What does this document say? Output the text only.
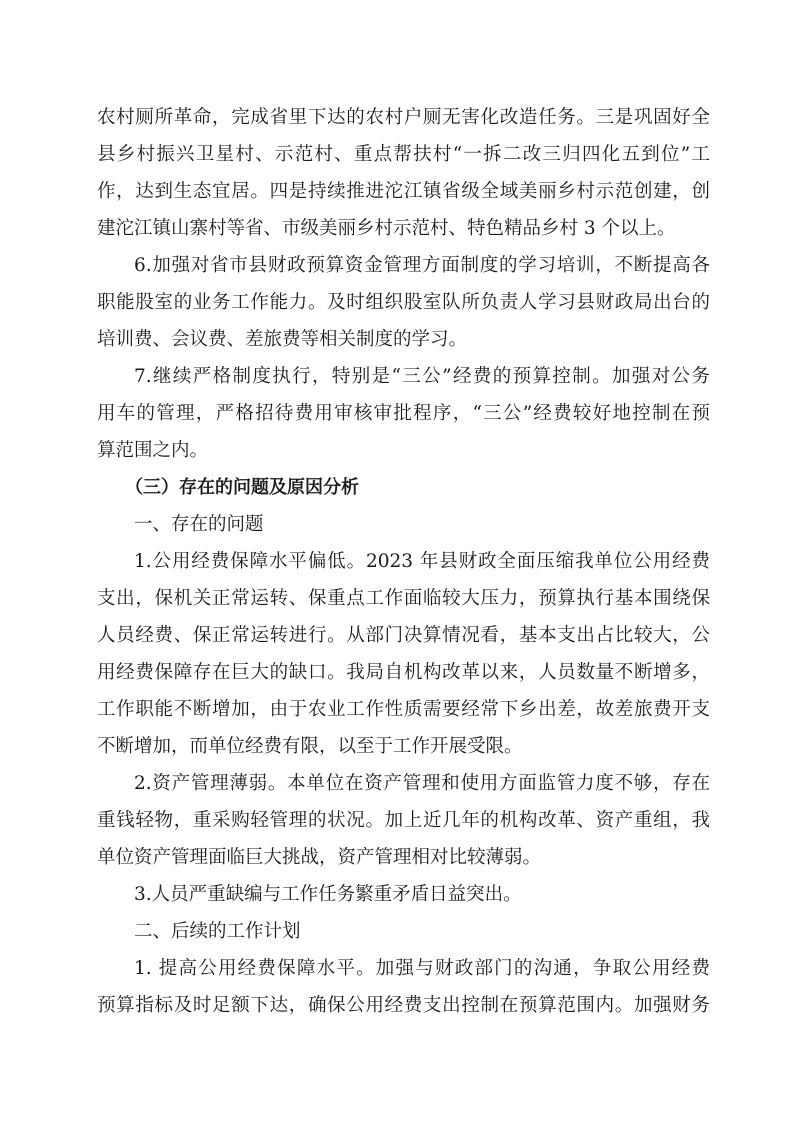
农村厕所革命，完成省里下达的农村户厕无害化改造任务。三是巩固好全
县乡村振兴卫星村、示范村、重点帮扶村“一拆二改三归四化五到位”工
作，达到生态宜居。四是持续推进沱江镇省级全域美丽乡村示范创建，创
建沱江镇山寨村等省、市级美丽乡村示范村、特色精品乡村 3 个以上。
6.加强对省市县财政预算资金管理方面制度的学习培训，不断提高各
职能股室的业务工作能力。及时组织股室队所负责人学习县财政局出台的
培训费、会议费、差旅费等相关制度的学习。
7.继续严格制度执行，特别是“三公”经费的预算控制。加强对公务
用车的管理，严格招待费用审核审批程序，“三公”经费较好地控制在预
算范围之内。
（三）存在的问题及原因分析
一、存在的问题
1.公用经费保障水平偏低。2023 年县财政全面压缩我单位公用经费
支出，保机关正常运转、保重点工作面临较大压力，预算执行基本围绕保
人员经费、保正常运转进行。从部门决算情况看，基本支出占比较大，公
用经费保障存在巨大的缺口。我局自机构改革以来，人员数量不断增多，
工作职能不断增加，由于农业工作性质需要经常下乡出差，故差旅费开支
不断增加，而单位经费有限，以至于工作开展受限。
2.资产管理薄弱。本单位在资产管理和使用方面监管力度不够，存在
重钱轻物，重采购轻管理的状况。加上近几年的机构改革、资产重组，我
单位资产管理面临巨大挑战，资产管理相对比较薄弱。
3.人员严重缺编与工作任务繁重矛盾日益突出。
二、后续的工作计划
1. 提高公用经费保障水平。加强与财政部门的沟通，争取公用经费
预算指标及时足额下达，确保公用经费支出控制在预算范围内。加强财务
